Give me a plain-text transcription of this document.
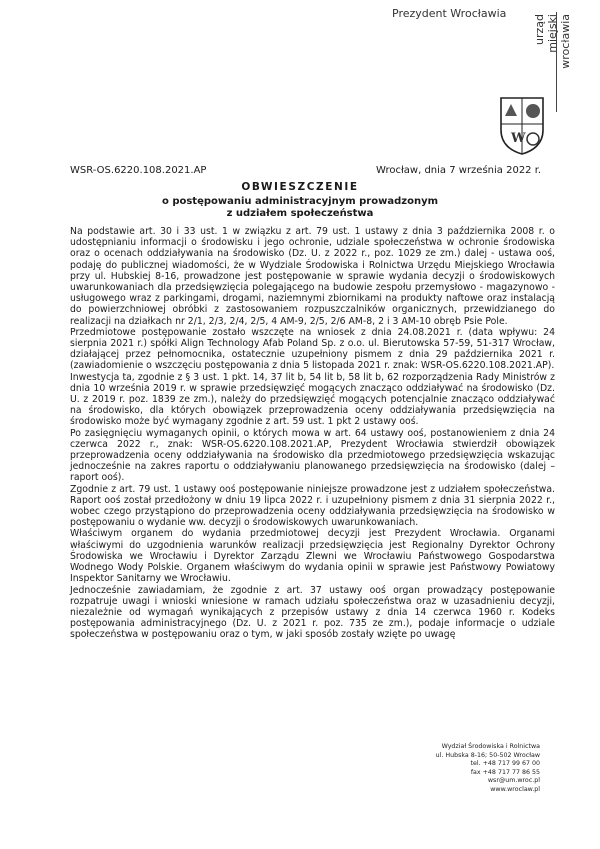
Prezydent Wrocławia
urząd miejski wrocławia
W
WSR-OS.6220.108.2021.AP	Wrocław, dnia 7 września 2022 r.
OBWIESZCZENIE
o postępowaniu administracyjnym prowadzonym
z udziałem społeczeństwa

Na podstawie art. 30 i 33 ust. 1 w związku z art. 79 ust. 1 ustawy z dnia 3 października 2008 r. o udostępnianiu informacji o środowisku i jego ochronie, udziale społeczeństwa w ochronie środowiska oraz o ocenach oddziaływania na środowisko (Dz. U. z 2022 r., poz. 1029 ze zm.) dalej - ustawa ooś, podaję do publicznej wiadomości, że w Wydziale Środowiska i Rolnictwa Urzędu Miejskiego Wrocławia przy ul. Hubskiej 8-16, prowadzone jest postępowanie w sprawie wydania decyzji o środowiskowych uwarunkowaniach dla przedsięwzięcia polegającego na budowie zespołu przemysłowo - magazynowo - usługowego wraz z parkingami, drogami, naziemnymi zbiornikami na produkty naftowe oraz instalacją do powierzchniowej obróbki z zastosowaniem rozpuszczalników organicznych, przewidzianego do realizacji na działkach nr 2/1, 2/3, 2/4, 2/5, 4 AM-9, 2/5, 2/6 AM-8, 2 i 3 AM-10 obręb Psie Pole.

Przedmiotowe postępowanie zostało wszczęte na wniosek z dnia 24.08.2021 r. (data wpływu: 24 sierpnia 2021 r.) spółki Align Technology Afab Poland Sp. z o.o. ul. Bierutowska 57-59, 51-317 Wrocław, działającej przez pełnomocnika, ostatecznie uzupełniony pismem z dnia 29 października 2021 r. (zawiadomienie o wszczęciu postępowania z dnia 5 listopada 2021 r. znak: WSR-OS.6220.108.2021.AP).

Inwestycja ta, zgodnie z § 3 ust. 1 pkt. 14, 37 lit b, 54 lit b, 58 lit b, 62 rozporządzenia Rady Ministrów z dnia 10 września 2019 r. w sprawie przedsięwzięć mogących znacząco oddziaływać na środowisko (Dz. U. z 2019 r. poz. 1839 ze zm.), należy do przedsięwzięć mogących potencjalnie znacząco oddziaływać na środowisko, dla których obowiązek przeprowadzenia oceny oddziaływania przedsięwzięcia na środowisko może być wymagany zgodnie z art. 59 ust. 1 pkt 2 ustawy ooś.

Po zasięgnięciu wymaganych opinii, o których mowa w art. 64 ustawy ooś, postanowieniem z dnia 24 czerwca 2022 r., znak: WSR-OS.6220.108.2021.AP, Prezydent Wrocławia stwierdził obowiązek przeprowadzenia oceny oddziaływania na środowisko dla przedmiotowego przedsięwzięcia wskazując jednocześnie na zakres raportu o oddziaływaniu planowanego przedsięwzięcia na środowisko (dalej – raport ooś).

Zgodnie z art. 79 ust. 1 ustawy ooś postępowanie niniejsze prowadzone jest z udziałem społeczeństwa. Raport ooś został przedłożony w dniu 19 lipca 2022 r. i uzupełniony pismem z dnia 31 sierpnia 2022 r., wobec czego przystąpiono do przeprowadzenia oceny oddziaływania przedsięwzięcia na środowisko w postępowaniu o wydanie ww. decyzji o środowiskowych uwarunkowaniach.

Właściwym organem do wydania przedmiotowej decyzji jest Prezydent Wrocławia. Organami właściwymi do uzgodnienia warunków realizacji przedsięwzięcia jest Regionalny Dyrektor Ochrony Środowiska we Wrocławiu i Dyrektor Zarządu Zlewni we Wrocławiu Państwowego Gospodarstwa Wodnego Wody Polskie. Organem właściwym do wydania opinii w sprawie jest Państwowy Powiatowy Inspektor Sanitarny we Wrocławiu.

Jednocześnie zawiadamiam, że zgodnie z art. 37 ustawy ooś organ prowadzący postępowanie rozpatruje uwagi i wnioski wniesione w ramach udziału społeczeństwa oraz w uzasadnieniu decyzji, niezależnie od wymagań wynikających z przepisów ustawy z dnia 14 czerwca 1960 r. Kodeks postępowania administracyjnego (Dz. U. z 2021 r. poz. 735 ze zm.), podaje informacje o udziale społeczeństwa w postępowaniu oraz o tym, w jaki sposób zostały wzięte po uwagę

Wydział Środowiska i Rolnictwa
ul. Hubska 8-16; 50-502 Wrocław
tel. +48 717 99 67 00
fax +48 717 77 86 55
wsr@um.wroc.pl
www.wroclaw.pl
